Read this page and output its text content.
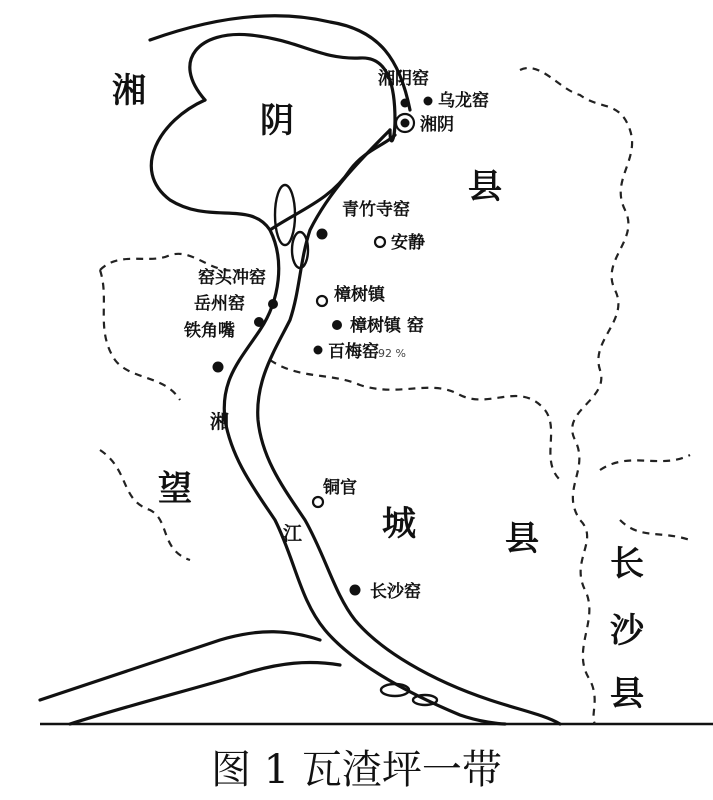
湘
阴
县
望
城	县
长
沙
县
湘
江
湘阴窑
乌龙窑
湘阴
青竹寺窑
安静
窑头冲窑
樟树镇
岳州窑
铁角嘴	樟树镇 窑
百梅窑 92 %
铜官
长沙窑
图 1 瓦渣坪一带
